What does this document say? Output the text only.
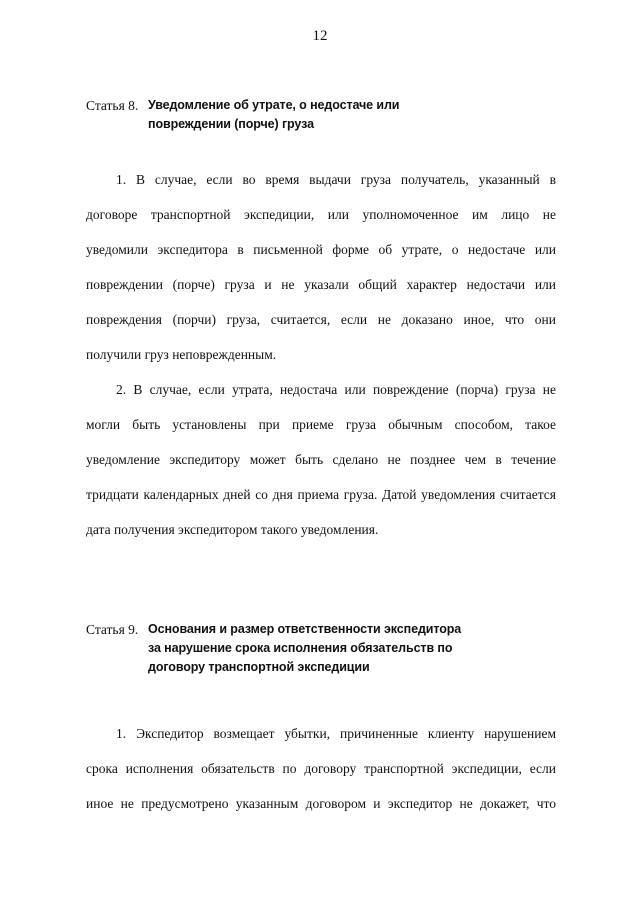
12
Статья 8. Уведомление об утрате, о недостаче или
повреждении (порче) груза
1. В случае, если во время выдачи груза получатель, указанный в
договоре транспортной экспедиции, или уполномоченное им лицо не
уведомили экспедитора в письменной форме об утрате, о недостаче или
повреждении (порче) груза и не указали общий характер недостачи или
повреждения (порчи) груза, считается, если не доказано иное, что они
получили груз неповрежденным.
2. В случае, если утрата, недостача или повреждение (порча) груза не
могли быть установлены при приеме груза обычным способом, такое
уведомление экспедитору может быть сделано не позднее чем в течение
тридцати календарных дней со дня приема груза. Датой уведомления считается
дата получения экспедитором такого уведомления.
Статья 9. Основания и размер ответственности экспедитора
за нарушение срока исполнения обязательств по
договору транспортной экспедиции
1. Экспедитор возмещает убытки, причиненные клиенту нарушением
срока исполнения обязательств по договору транспортной экспедиции, если
иное не предусмотрено указанным договором и экспедитор не докажет, что
